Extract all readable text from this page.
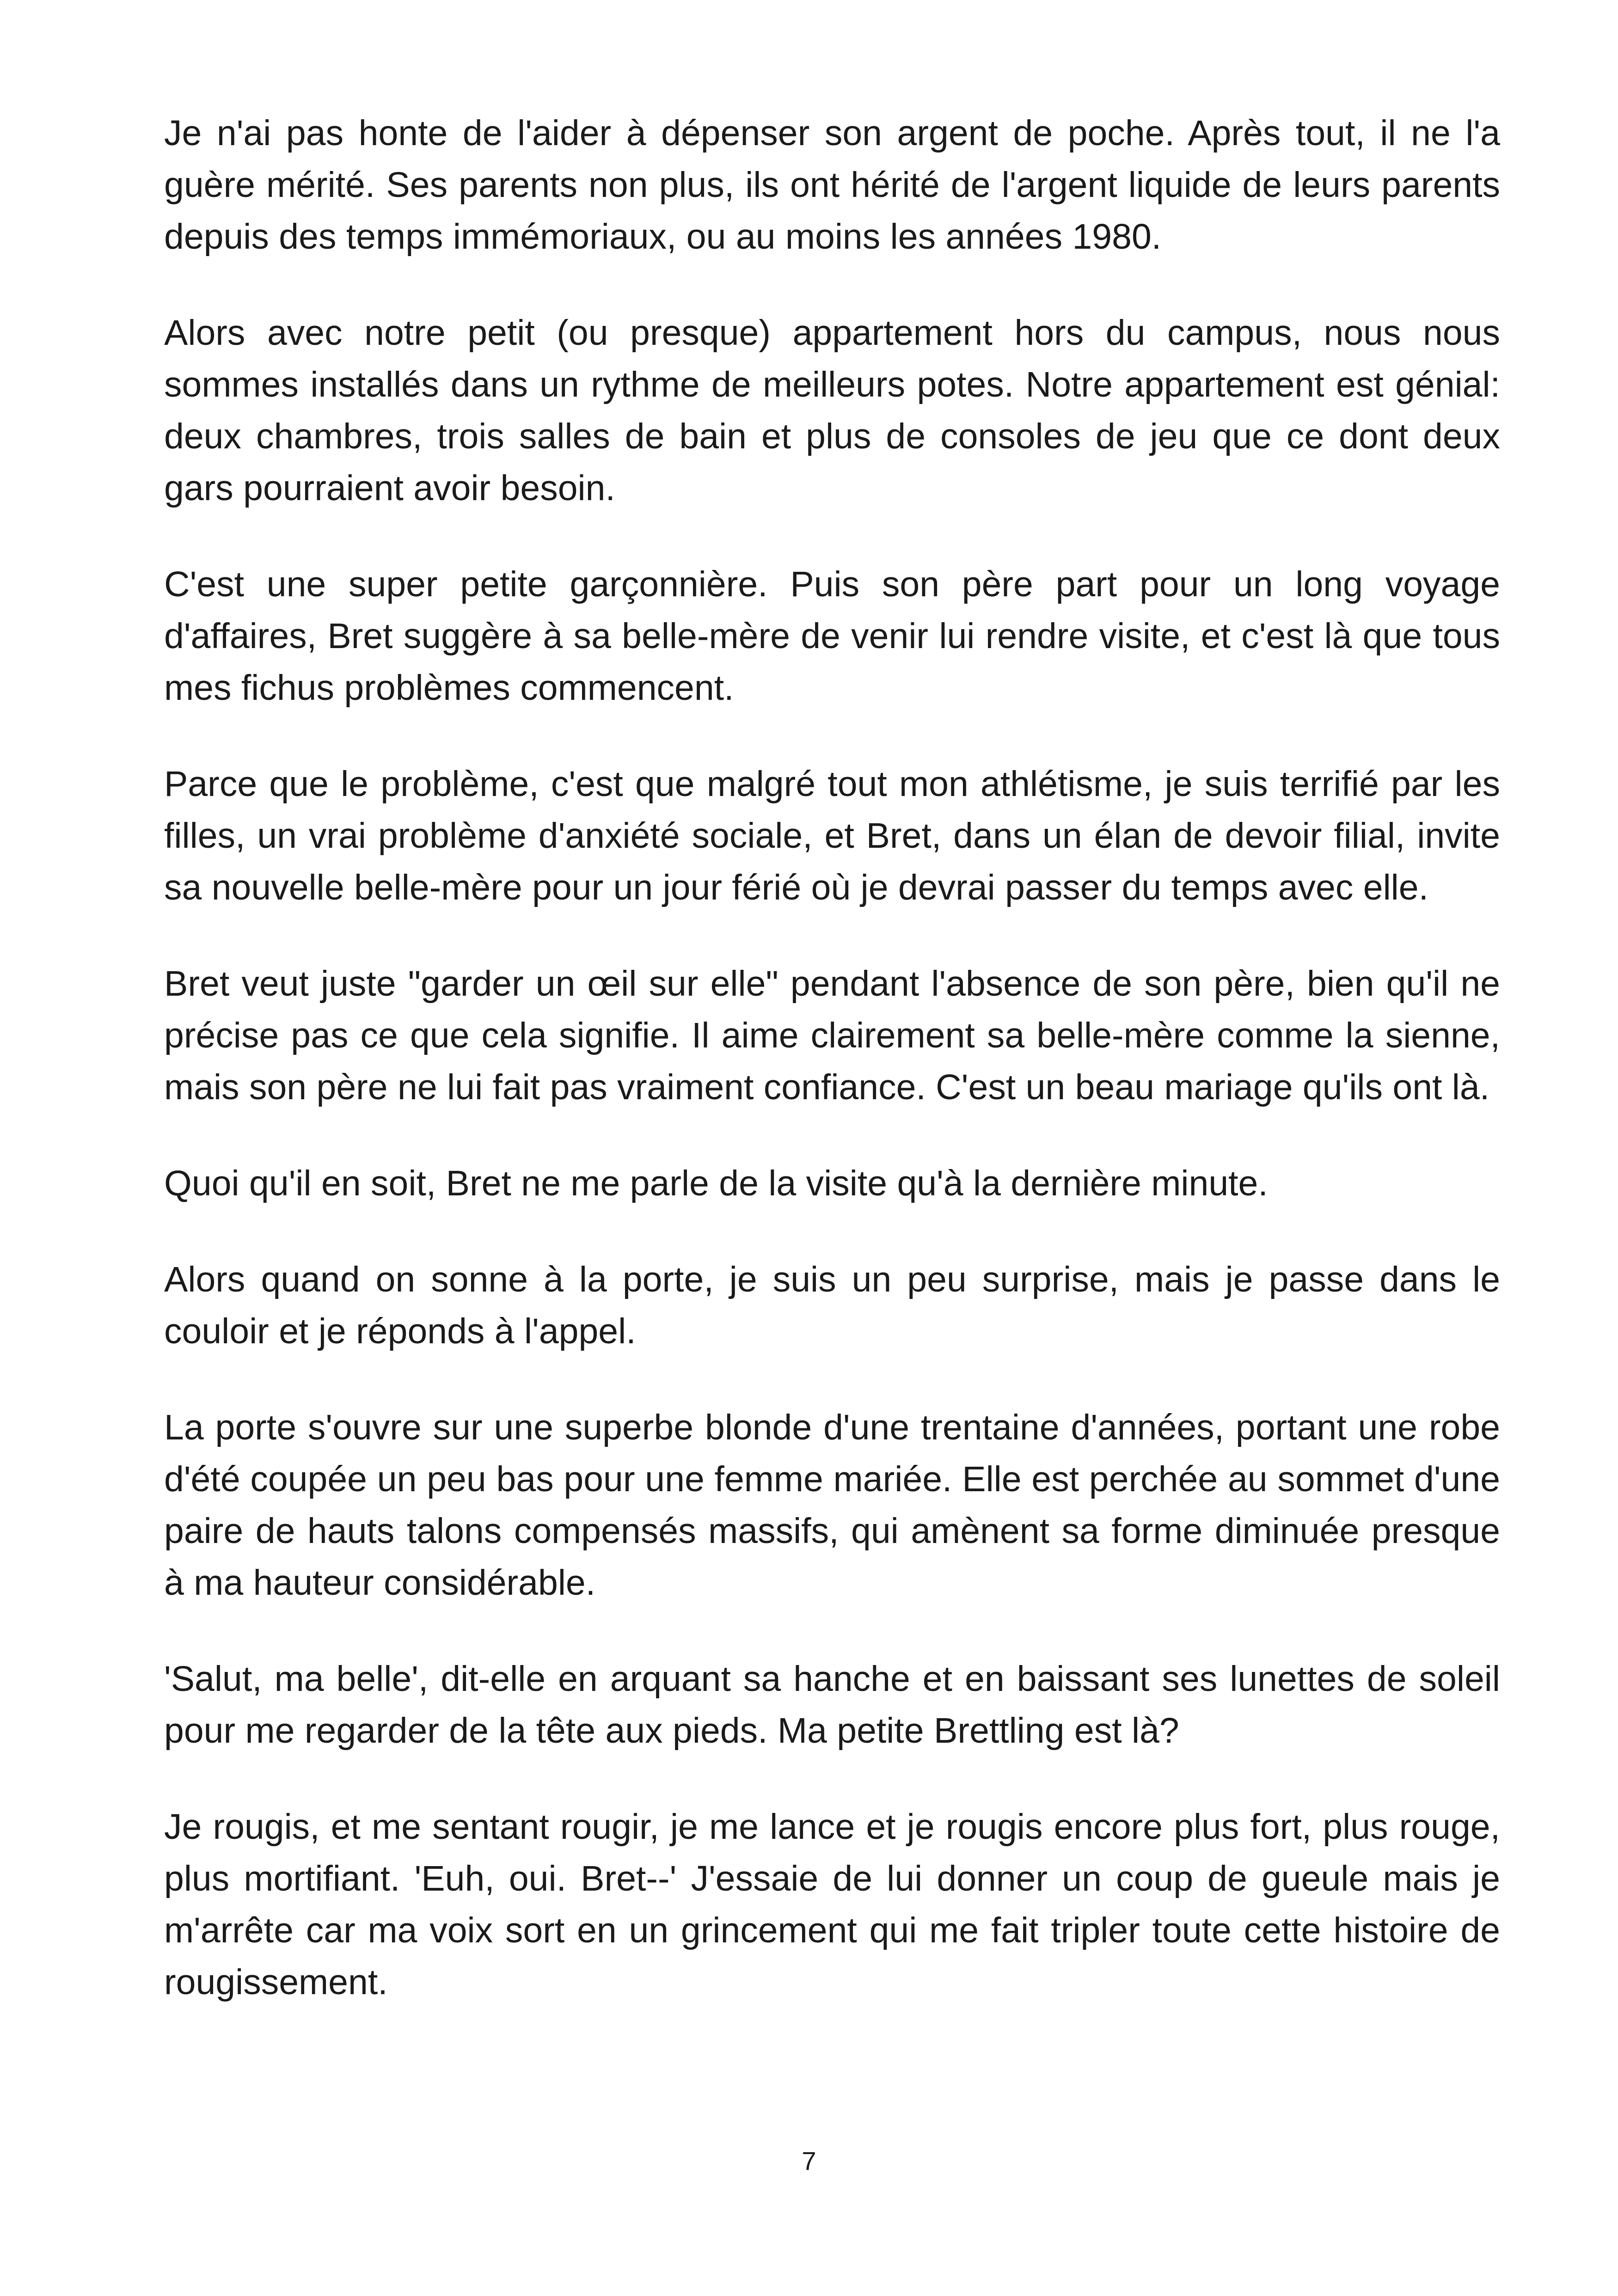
Je n'ai pas honte de l'aider à dépenser son argent de poche. Après tout, il ne l'a guère mérité. Ses parents non plus, ils ont hérité de l'argent liquide de leurs parents depuis des temps immémoriaux, ou au moins les années 1980.

Alors avec notre petit (ou presque) appartement hors du campus, nous nous sommes installés dans un rythme de meilleurs potes. Notre appartement est génial: deux chambres, trois salles de bain et plus de consoles de jeu que ce dont deux gars pourraient avoir besoin.

C'est une super petite garçonnière. Puis son père part pour un long voyage d'affaires, Bret suggère à sa belle-mère de venir lui rendre visite, et c'est là que tous mes fichus problèmes commencent.

Parce que le problème, c'est que malgré tout mon athlétisme, je suis terrifié par les filles, un vrai problème d'anxiété sociale, et Bret, dans un élan de devoir filial, invite sa nouvelle belle-mère pour un jour férié où je devrai passer du temps avec elle.

Bret veut juste "garder un œil sur elle" pendant l'absence de son père, bien qu'il ne précise pas ce que cela signifie. Il aime clairement sa belle-mère comme la sienne, mais son père ne lui fait pas vraiment confiance. C'est un beau mariage qu'ils ont là.

Quoi qu'il en soit, Bret ne me parle de la visite qu'à la dernière minute.

Alors quand on sonne à la porte, je suis un peu surprise, mais je passe dans le couloir et je réponds à l'appel.

La porte s'ouvre sur une superbe blonde d'une trentaine d'années, portant une robe d'été coupée un peu bas pour une femme mariée. Elle est perchée au sommet d'une paire de hauts talons compensés massifs, qui amènent sa forme diminuée presque à ma hauteur considérable.

'Salut, ma belle', dit-elle en arquant sa hanche et en baissant ses lunettes de soleil pour me regarder de la tête aux pieds. Ma petite Brettling est là?

Je rougis, et me sentant rougir, je me lance et je rougis encore plus fort, plus rouge, plus mortifiant. 'Euh, oui. Bret--' J'essaie de lui donner un coup de gueule mais je m'arrête car ma voix sort en un grincement qui me fait tripler toute cette histoire de rougissement.

7
